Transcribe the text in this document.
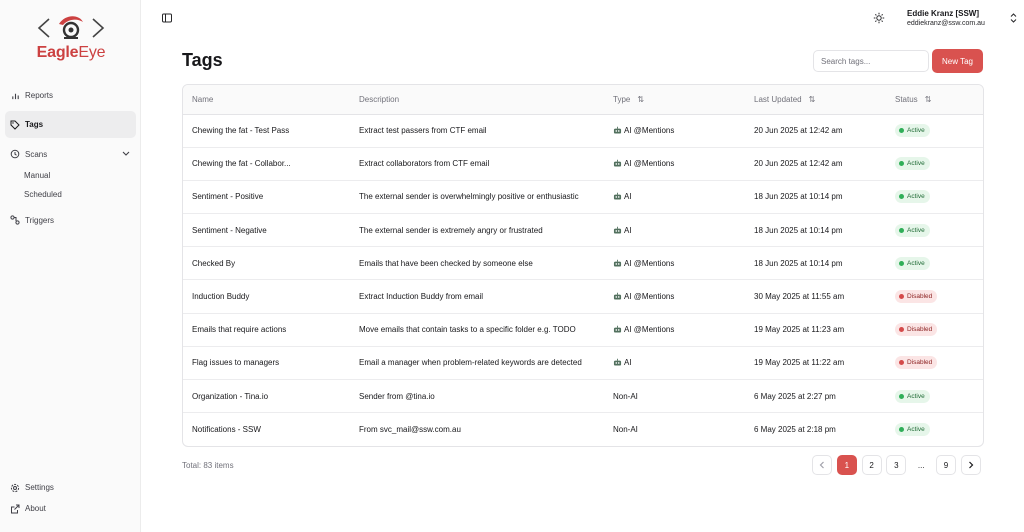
EagleEye
Reports
Tags
Scans
Manual
Scheduled
Triggers
Settings
About
Eddie Kranz [SSW]
eddiekranz@ssw.com.au
Tags
Search tags...	New Tag
Name	Description	Type ⇅	Last Updated ⇅	Status ⇅
Chewing the fat - Test Pass	Extract test passers from CTF email	AI @Mentions	20 Jun 2025 at 12:42 am	Active

Chewing the fat - Collabor...	Extract collaborators from CTF email	AI @Mentions	20 Jun 2025 at 12:42 am	Active

Sentiment - Positive	The external sender is overwhelmingly positive or enthusiastic	AI	18 Jun 2025 at 10:14 pm	Active

Sentiment - Negative	The external sender is extremely angry or frustrated	AI	18 Jun 2025 at 10:14 pm	Active

Checked By	Emails that have been checked by someone else	AI @Mentions	18 Jun 2025 at 10:14 pm	Active

Induction Buddy	Extract Induction Buddy from email	AI @Mentions	30 May 2025 at 11:55 am	Disabled

Emails that require actions	Move emails that contain tasks to a specific folder e.g. TODO	AI @Mentions	19 May 2025 at 11:23 am	Disabled

Flag issues to managers	Email a manager when problem-related keywords are detected	AI	19 May 2025 at 11:22 am	Disabled

Organization - Tina.io	Sender from @tina.io	Non-AI	6 May 2025 at 2:27 pm	Active

Notifications - SSW	From svc_mail@ssw.com.au	Non-AI	6 May 2025 at 2:18 pm	Active
Total: 83 items	1	2	3	...	9
